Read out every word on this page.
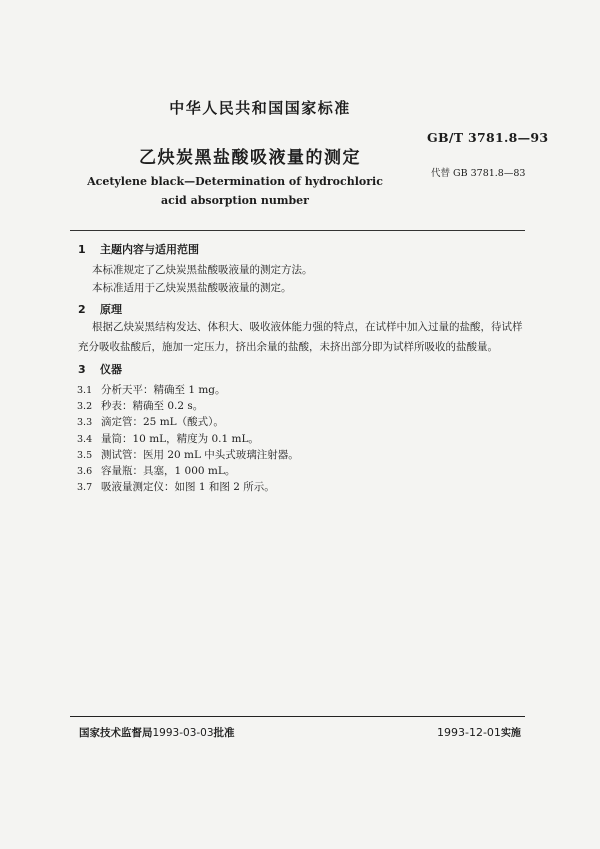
中华人民共和国国家标准
GB/T 3781.8—93
乙炔炭黑盐酸吸液量的测定
代替 GB 3781.8—83
Acetylene black—Determination of hydrochloric
acid absorption number
1 主题内容与适用范围
本标准规定了乙炔炭黑盐酸吸液量的测定方法。
本标准适用于乙炔炭黑盐酸吸液量的测定。
2 原理
根据乙炔炭黑结构发达、体积大、吸收液体能力强的特点，在试样中加入过量的盐酸，待试样充分吸收盐酸后，施加一定压力，挤出余量的盐酸，未挤出部分即为试样所吸收的盐酸量。
3 仪器
3.1 分析天平：精确至 1 mg。
3.2 秒表：精确至 0.2 s。
3.3 滴定管：25 mL（酸式）。
3.4 量筒：10 mL，精度为 0.1 mL。
3.5 测试管：医用 20 mL 中头式玻璃注射器。
3.6 容量瓶：具塞，1 000 mL。
3.7 吸液量测定仪：如图 1 和图 2 所示。
国家技术监督局1993-03-03批准	1993-12-01实施
